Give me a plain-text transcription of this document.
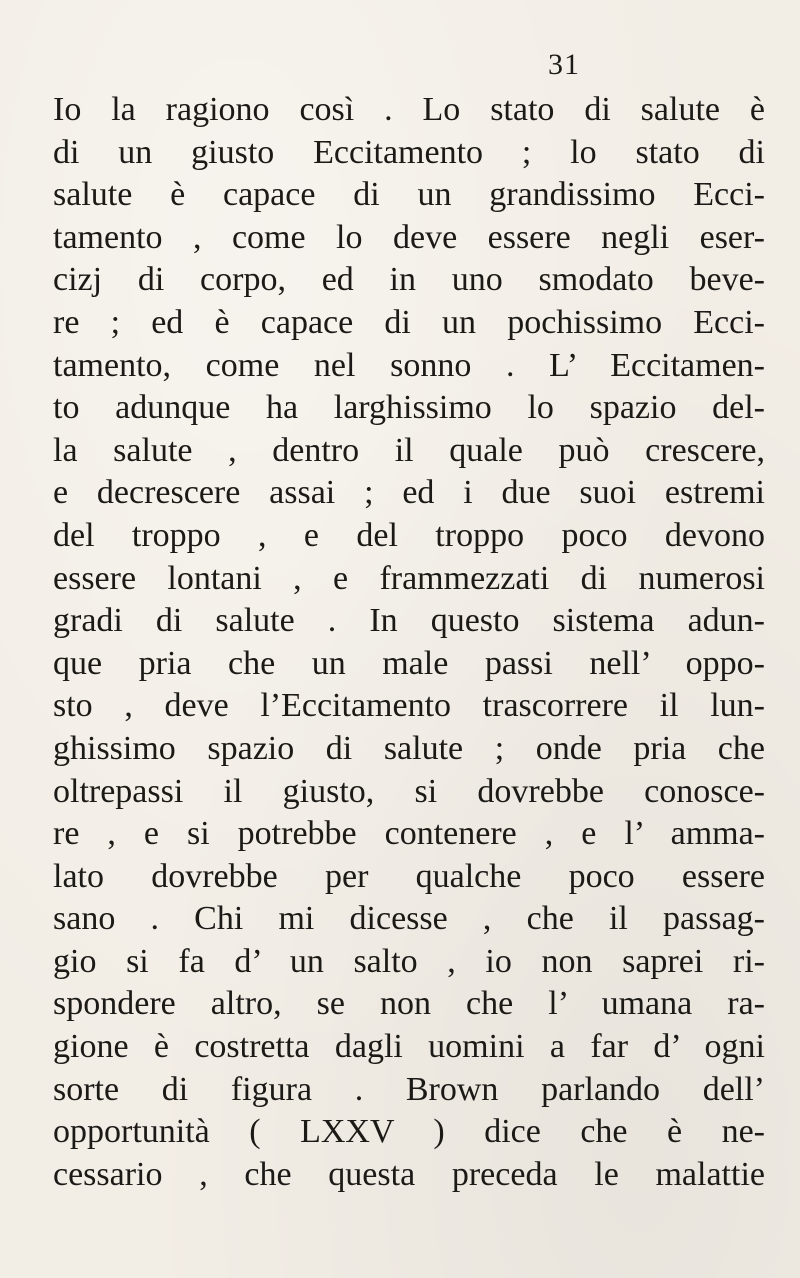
31
Io la ragiono così . Lo stato di salute è
di un giusto Eccitamento ; lo stato di
salute è capace di un grandissimo Ecci-
tamento , come lo deve essere negli eser-
cizj di corpo, ed in uno smodato beve-
re ; ed è capace di un pochissimo Ecci-
tamento, come nel sonno . L’ Eccitamen-
to adunque ha larghissimo lo spazio del-
la salute , dentro il quale può crescere,
e decrescere assai ; ed i due suoi estremi
del troppo , e del troppo poco devono
essere lontani , e frammezzati di numerosi
gradi di salute . In questo sistema adun-
que pria che un male passi nell’ oppo-
sto , deve l’Eccitamento trascorrere il lun-
ghissimo spazio di salute ; onde pria che
oltrepassi il giusto, si dovrebbe conosce-
re , e si potrebbe contenere , e l’ amma-
lato dovrebbe per qualche poco essere
sano . Chi mi dicesse , che il passag-
gio si fa d’ un salto , io non saprei ri-
spondere altro, se non che l’ umana ra-
gione è costretta dagli uomini a far d’ ogni
sorte di figura . Brown parlando dell’
opportunità ( LXXV ) dice che è ne-
cessario , che questa preceda le malattie
